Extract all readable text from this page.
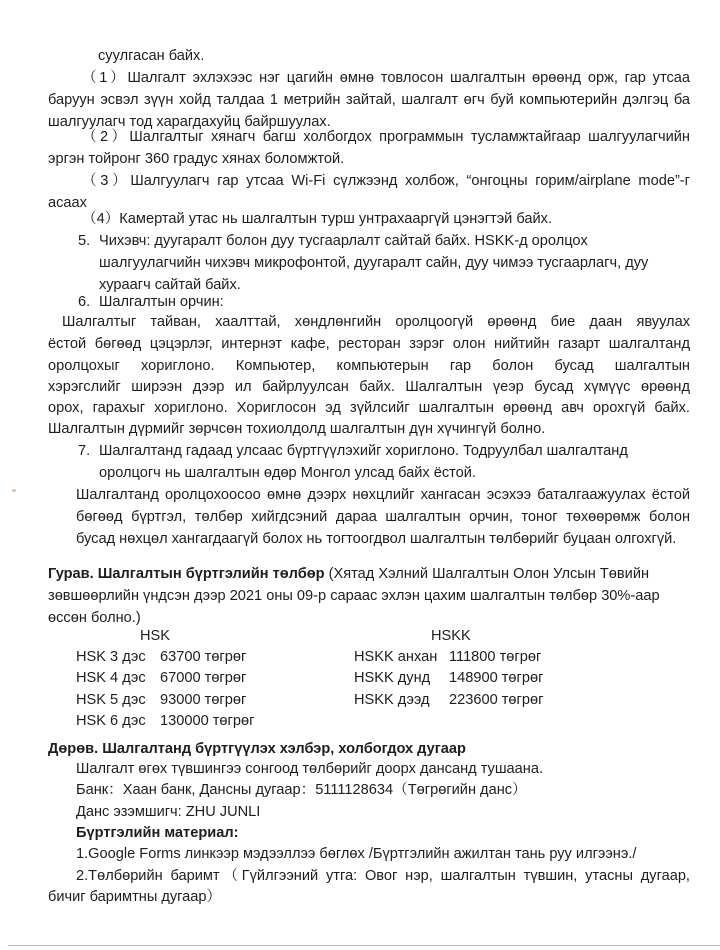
суулгасан байх.
（1）Шалгалт эхлэхээс нэг цагийн өмнө товлосон шалгалтын өрөөнд орж, гар утсаа
баруун эсвэл зүүн хойд талдаа 1 метрийн зайтай, шалгалт өгч буй компьютерийн дэлгэц ба
шалгуулагч тод харагдахуйц байршуулах.
（2）Шалгалтыг хянагч багш холбогдох программын тусламжтайгаар шалгуулагчийн
эргэн тойронг 360 градус хянах боломжтой.
（3）Шалгуулагч гар утсаа Wi-Fi сүлжээнд холбож, “онгоцны горим/airplane mode”-г
асаах
（4）Камертай утас нь шалгалтын турш унтрахааргүй цэнэгтэй байх.
5. Чихэвч: дуугаралт болон дуу тусгаарлалт сайтай байх. HSKK-д оролцох
шалгуулагчийн чихэвч микрофонтой, дуугаралт сайн, дуу чимээ тусгаарлагч, дуу
хураагч сайтай байх.
6. Шалгалтын орчин:
Шалгалтыг тайван, хаалттай, хөндлөнгийн оролцоогүй өрөөнд бие даан явуулах
ёстой бөгөөд цэцэрлэг, интернэт кафе, ресторан зэрэг олон нийтийн газарт шалгалтанд
оролцохыг хориглоно. Компьютер, компьютерын гар болон бусад шалгалтын
хэрэгслийг ширээн дээр ил байрлуулсан байх. Шалгалтын үеэр бусад хүмүүс өрөөнд
орох, гарахыг хориглоно. Хориглосон эд зүйлсийг шалгалтын өрөөнд авч орохгүй байх.
Шалгалтын дүрмийг зөрчсөн тохиолдолд шалгалтын дүн хүчингүй болно.
7. Шалгалтанд гадаад улсаас бүртгүүлэхийг хориглоно. Тодруулбал шалгалтанд
оролцогч нь шалгалтын өдөр Монгол улсад байх ёстой.
Шалгалтанд оролцохоосоо өмнө дээрх нөхцлийг хангасан эсэхээ баталгаажуулах ёстой
бөгөөд бүртгэл, төлбөр хийгдсэний дараа шалгалтын орчин, тоног төхөөрөмж болон
бусад нөхцөл хангагдаагүй болох нь тогтоогдвол шалгалтын төлбөрийг буцаан олгохгүй.
Гурав. Шалгалтын бүртгэлийн төлбөр (Хятад Хэлний Шалгалтын Олон Улсын Төвийн
зөвшөөрлийн үндсэн дээр 2021 оны 09-р сараас эхлэн цахим шалгалтын төлбөр 30%-аар
өссөн болно.)
HSK	HSKK
HSK 3 дэс 63700 төгрөг
HSK 4 дэс 67000 төгрөг
HSK 5 дэс 93000 төгрөг
HSK 6 дэс 130000 төгрөг
HSKK анхан 111800 төгрөг
HSKK дунд 148900 төгрөг
HSKK дээд 223600 төгрөг
Дөрөв. Шалгалтанд бүртгүүлэх хэлбэр, холбогдох дугаар
Шалгалт өгөх түвшингээ сонгоод төлбөрийг доорх дансанд тушаана.
Банк：Хаан банк, Дансны дугаар：5111128634（Төгрөгийн данс）
Данс эзэмшигч: ZHU JUNLI
Бүртгэлийн материал:
1.Google Forms линкээр мэдээллээ бөглөх /Бүртгэлийн ажилтан тань руу илгээнэ./
2.Төлбөрийн баримт（Гүйлгээний утга: Овог нэр, шалгалтын түвшин, утасны дугаар,
бичиг баримтны дугаар）
